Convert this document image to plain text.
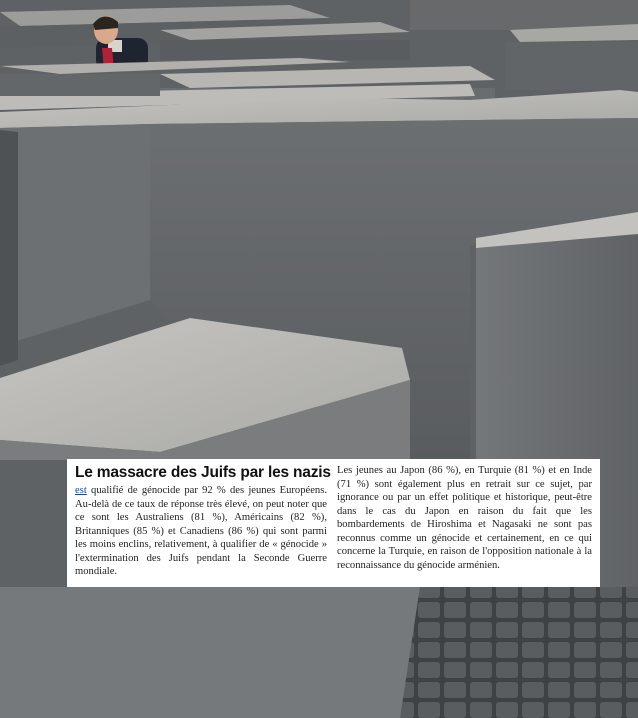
Le massacre des Juifs par les nazis

est qualifié de génocide par 92 % des jeunes Européens. Au-delà de ce taux de réponse très élevé, on peut noter que ce sont les Australiens (81 %), Américains (82 %), Britanniques (85 %) et Canadiens (86 %) qui sont parmi les moins enclins, relativement, à qualifier de « génocide » l'extermination des Juifs pendant la Seconde Guerre mondiale.

Les jeunes au Japon (86 %), en Turquie (81 %) et en Inde (71 %) sont également plus en retrait sur ce sujet, par ignorance ou par un effet politique et historique, peut-être dans le cas du Japon en raison du fait que les bombardements de Hiroshima et Nagasaki ne sont pas reconnus comme un génocide et certainement, en ce qui concerne la Turquie, en raison de l'opposition nationale à la reconnaissance du génocide arménien.
